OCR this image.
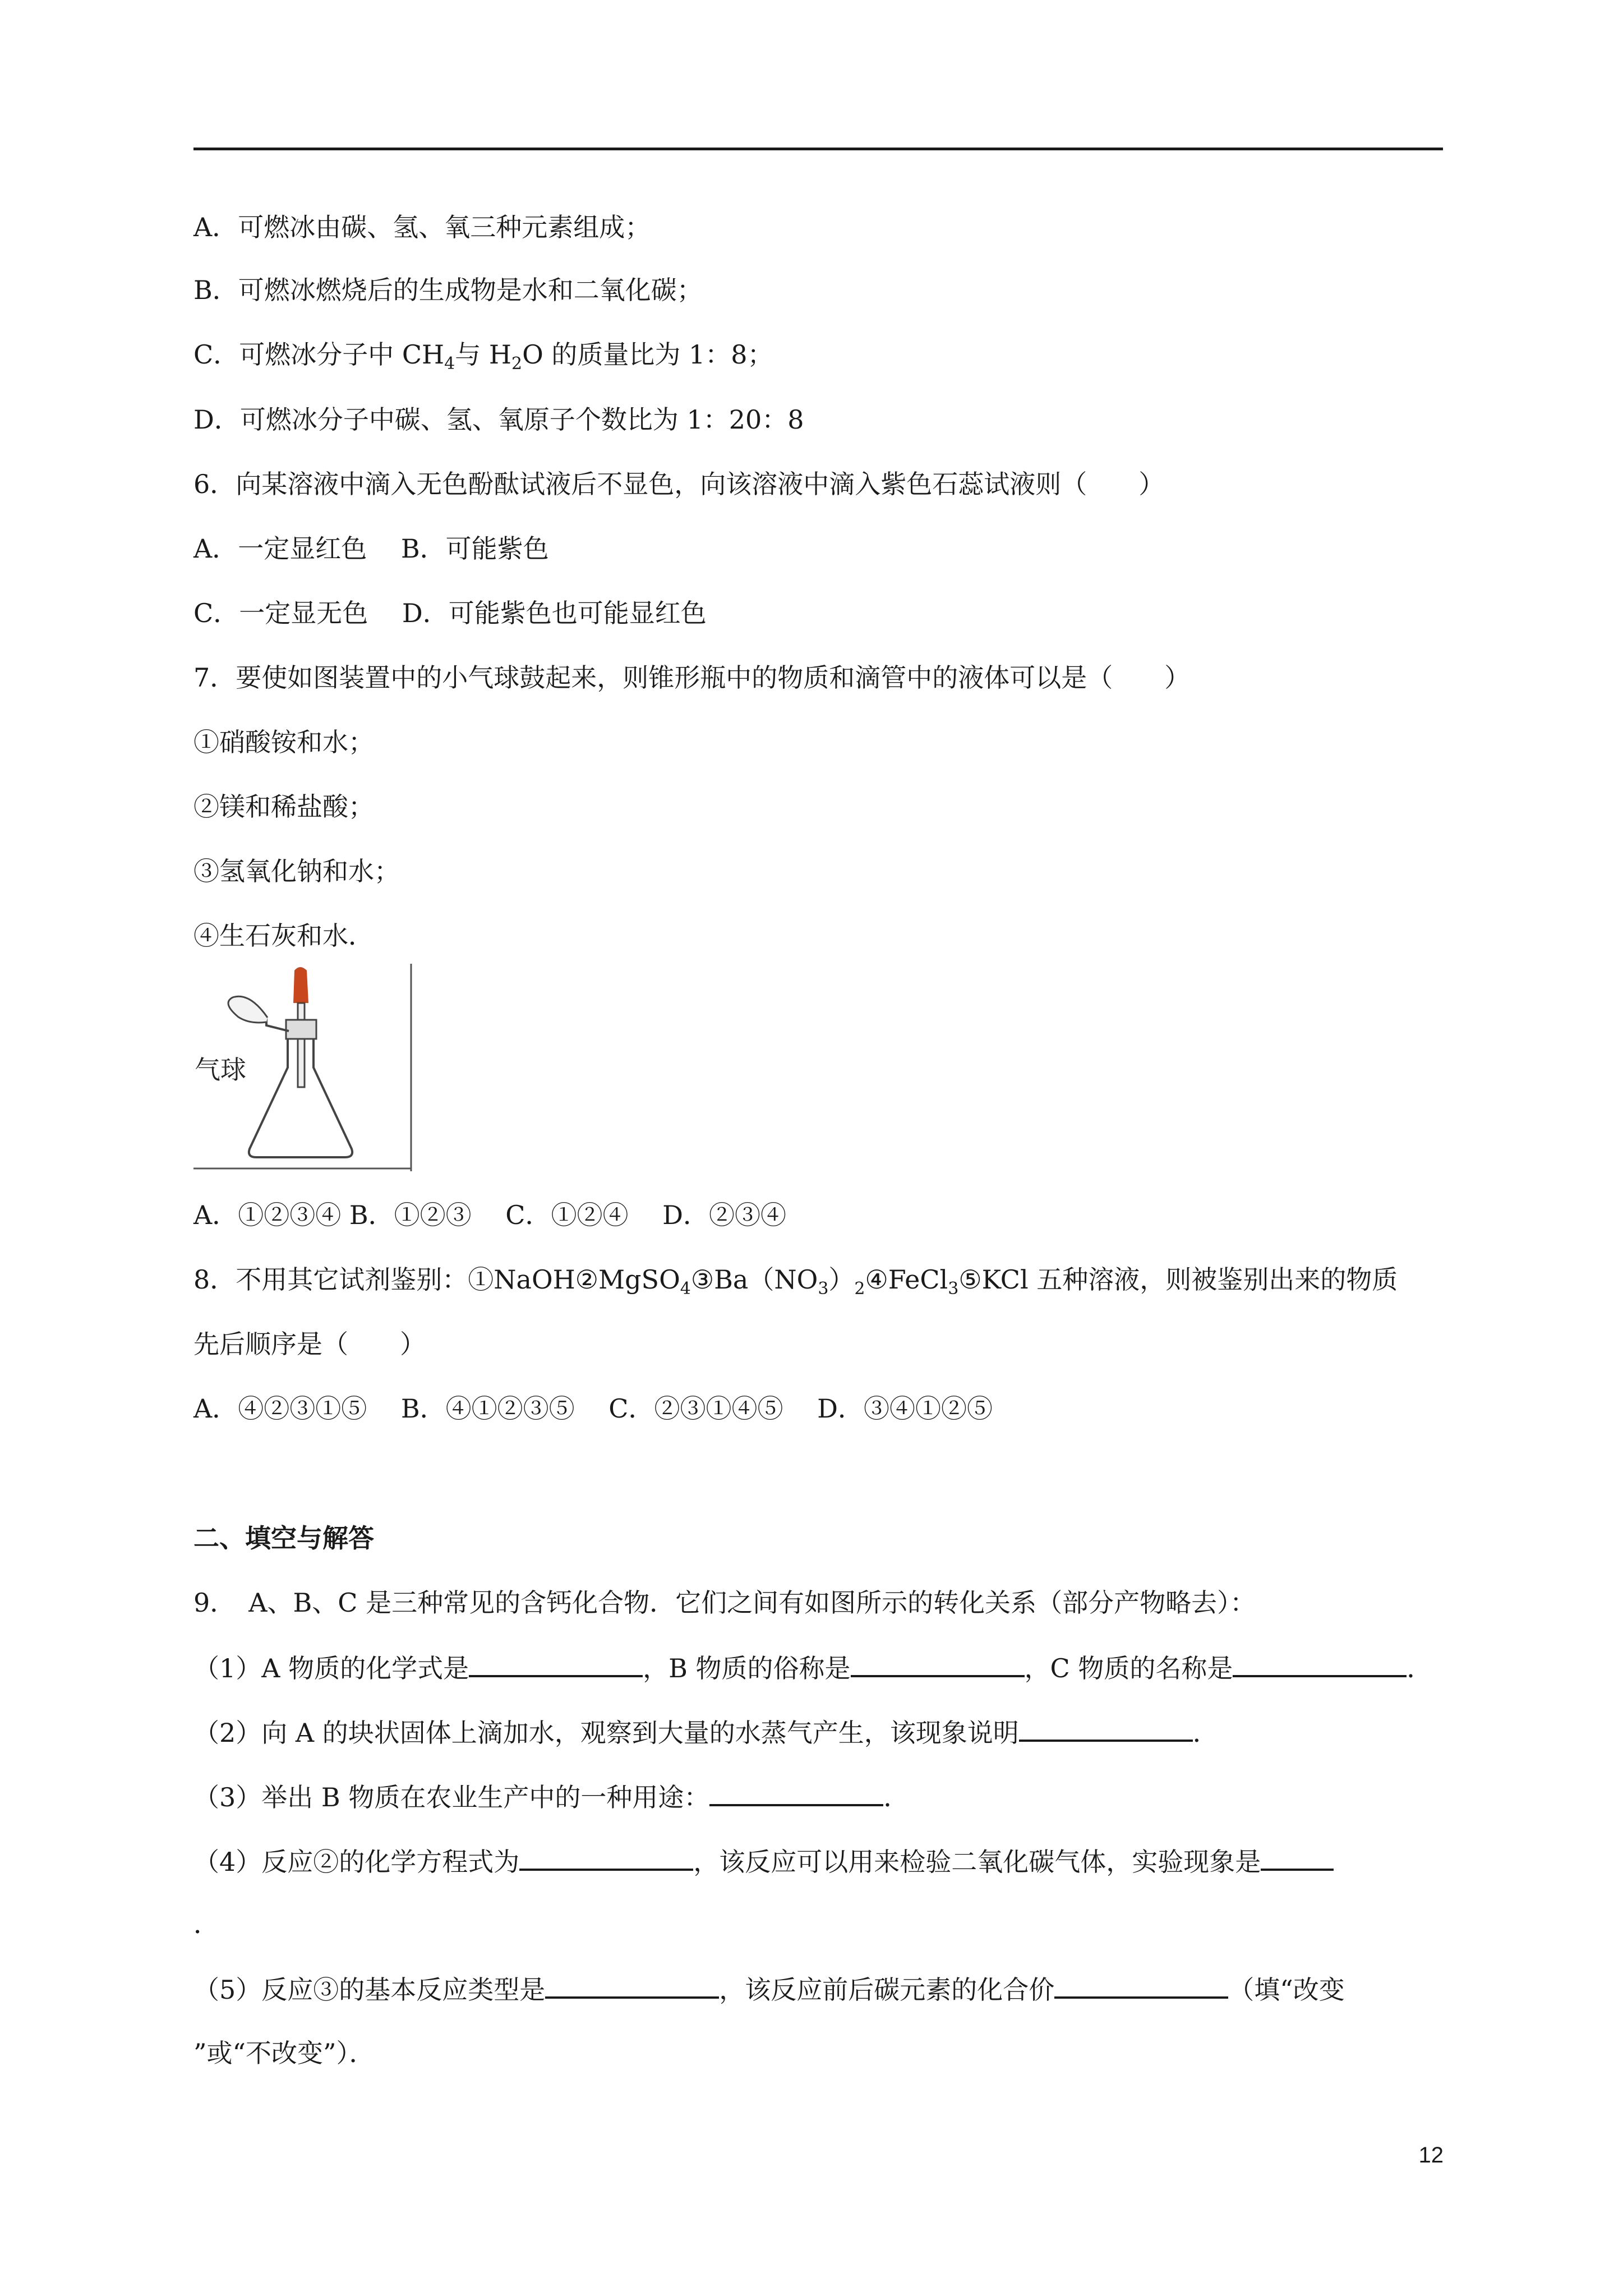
A．可燃冰由碳、氢、氧三种元素组成；
B．可燃冰燃烧后的生成物是水和二氧化碳；
C．可燃冰分子中 $CH_4$与 $H_2O$ 的质量比为 1：8；
D．可燃冰分子中碳、氢、氧原子个数比为 1：20：8
6．向某溶液中滴入无色酚酞试液后不显色，向该溶液中滴入紫色石蕊试液则（　　）
A．一定显红色　 B．可能紫色
C．一定显无色　 D．可能紫色也可能显红色
7．要使如图装置中的小气球鼓起来，则锥形瓶中的物质和滴管中的液体可以是（　　）
①硝酸铵和水；
②镁和稀盐酸；
③氢氧化钠和水；
④生石灰和水．
气球
A．①②③④ B．①②③　 C．①②④　 D．②③④
8．不用其它试剂鉴别：$①NaOH②MgSO_4③Ba(NO_3)_2④FeCl_3⑤KCl$ 五种溶液，则被鉴别出来的物质
先后顺序是（　　）
A．④②③①⑤　 B．④①②③⑤　 C．②③①④⑤　 D．③④①②⑤
二、填空与解答
9．　A、B、C 是三种常见的含钙化合物．它们之间有如图所示的转化关系（部分产物略去）：
（1）A 物质的化学式是	，B 物质的俗称是	，C 物质的名称是	．
（2）向 A 的块状固体上滴加水，观察到大量的水蒸气产生，该现象说明	．
（3）举出 B 物质在农业生产中的一种用途：	．
（4）反应②的化学方程式为	，该反应可以用来检验二氧化碳气体，实验现象是
．
（5）反应③的基本反应类型是	，该反应前后碳元素的化合价	（填“改变
”或“不改变”）．
12
